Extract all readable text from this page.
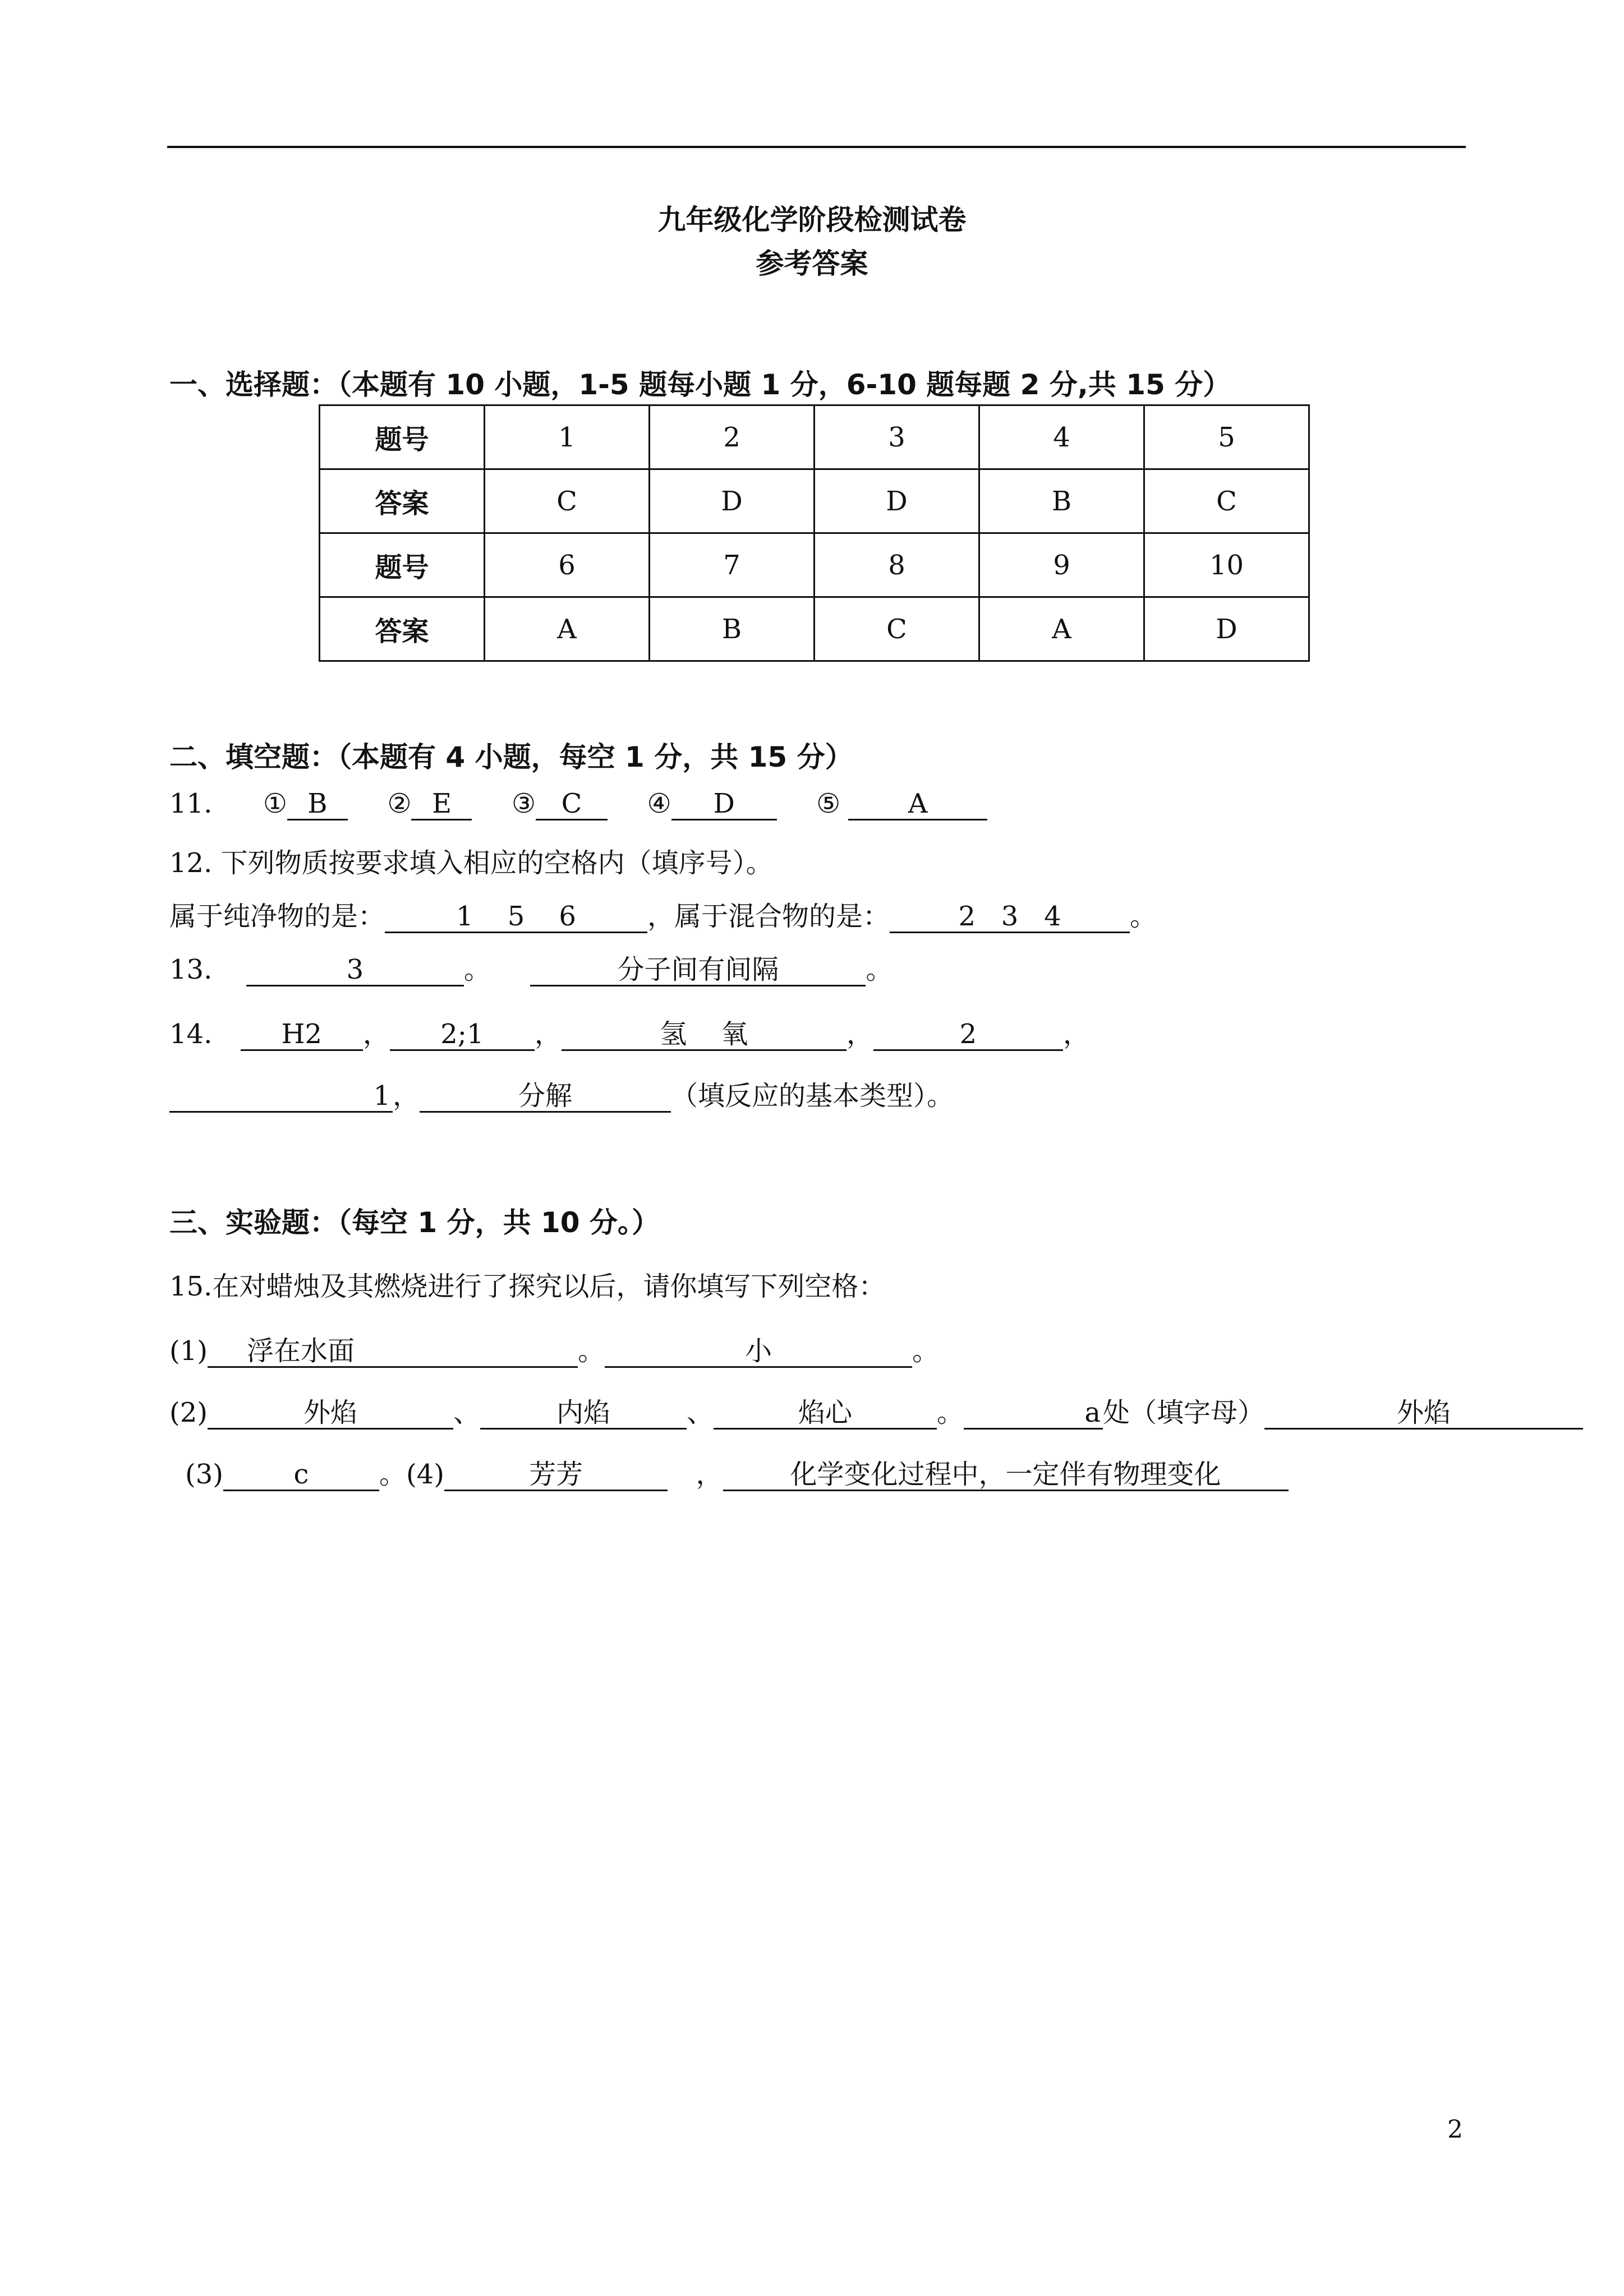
九年级化学阶段检测试卷
参考答案
一、选择题：（本题有 10 小题，1-5 题每小题 1 分，6-10 题每题 2 分,共 15 分）
题号	1	2	3	4	5
答案	C	D	D	B	C
题号	6	7	8	9	10
答案	A	B	C	A	D
二、填空题：（本题有 4 小题，每空 1 分，共 15 分）
11. ① B ② E ③ C ④ D	⑤	A
12. 下列物质按要求填入相应的空格内（填序号）。
属于纯净物的是：	1    5    6	，属于混合物的是：	2   3   4	。
13.	3	。	分子间有间隔	。
14.	H2 ， 2;1 ，	氢    氧	，	2	，
1，	分解	（填反应的基本类型）。
三、实验题：（每空 1 分，共 10 分。）
15.在对蜡烛及其燃烧进行了探究以后，请你填写下列空格：
(1) 浮在水面	。	小	。
(2)	外焰	、	内焰	、	焰心	。	a处（填字母）	外焰
(3)	c	。(4)	芳芳	， 化学变化过程中，一定伴有物理变化
2
